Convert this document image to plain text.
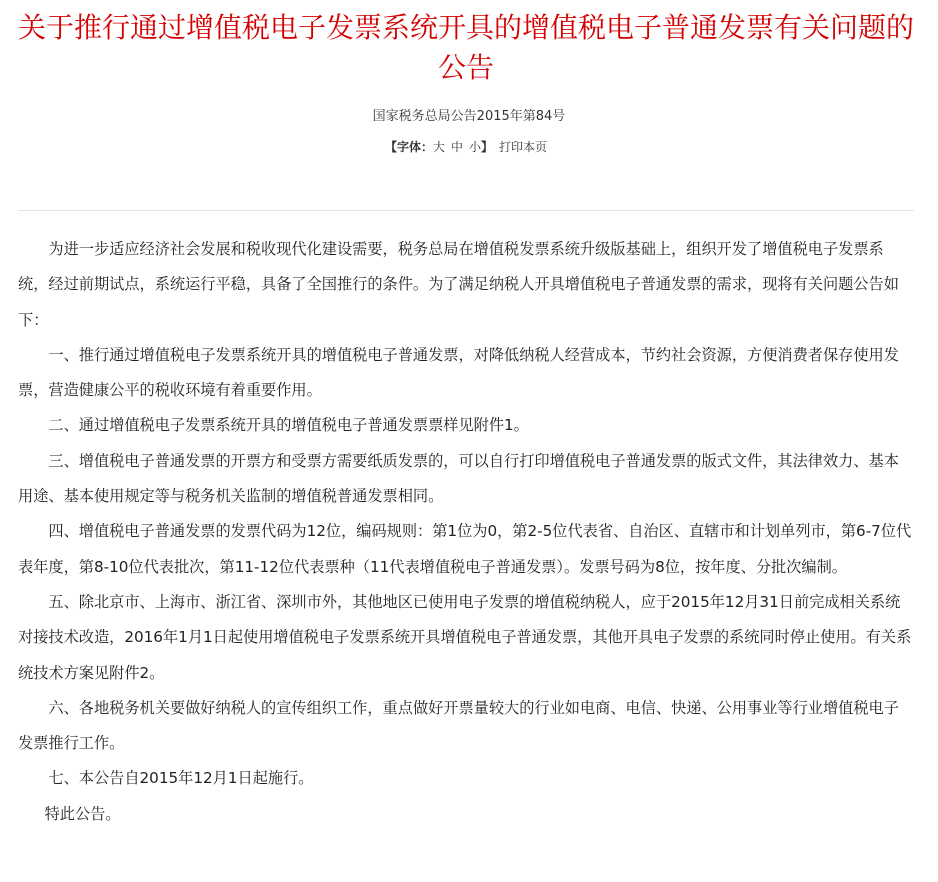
关于推行通过增值税电子发票系统开具的增值税电子普通发票有关问题的公告
国家税务总局公告2015年第84号
【字体：大 中 小】 打印本页

为进一步适应经济社会发展和税收现代化建设需要，税务总局在增值税发票系统升级版基础上，组织开发了增值税电子发票系统，经过前期试点，系统运行平稳，具备了全国推行的条件。为了满足纳税人开具增值税电子普通发票的需求，现将有关问题公告如下：

一、推行通过增值税电子发票系统开具的增值税电子普通发票，对降低纳税人经营成本，节约社会资源，方便消费者保存使用发票，营造健康公平的税收环境有着重要作用。

二、通过增值税电子发票系统开具的增值税电子普通发票票样见附件1。

三、增值税电子普通发票的开票方和受票方需要纸质发票的，可以自行打印增值税电子普通发票的版式文件，其法律效力、基本用途、基本使用规定等与税务机关监制的增值税普通发票相同。

四、增值税电子普通发票的发票代码为12位，编码规则：第1位为0，第2-5位代表省、自治区、直辖市和计划单列市，第6-7位代表年度，第8-10位代表批次，第11-12位代表票种（11代表增值税电子普通发票）。发票号码为8位，按年度、分批次编制。

五、除北京市、上海市、浙江省、深圳市外，其他地区已使用电子发票的增值税纳税人，应于2015年12月31日前完成相关系统对接技术改造，2016年1月1日起使用增值税电子发票系统开具增值税电子普通发票，其他开具电子发票的系统同时停止使用。有关系统技术方案见附件2。

六、各地税务机关要做好纳税人的宣传组织工作，重点做好开票量较大的行业如电商、电信、快递、公用事业等行业增值税电子发票推行工作。

七、本公告自2015年12月1日起施行。

特此公告。
